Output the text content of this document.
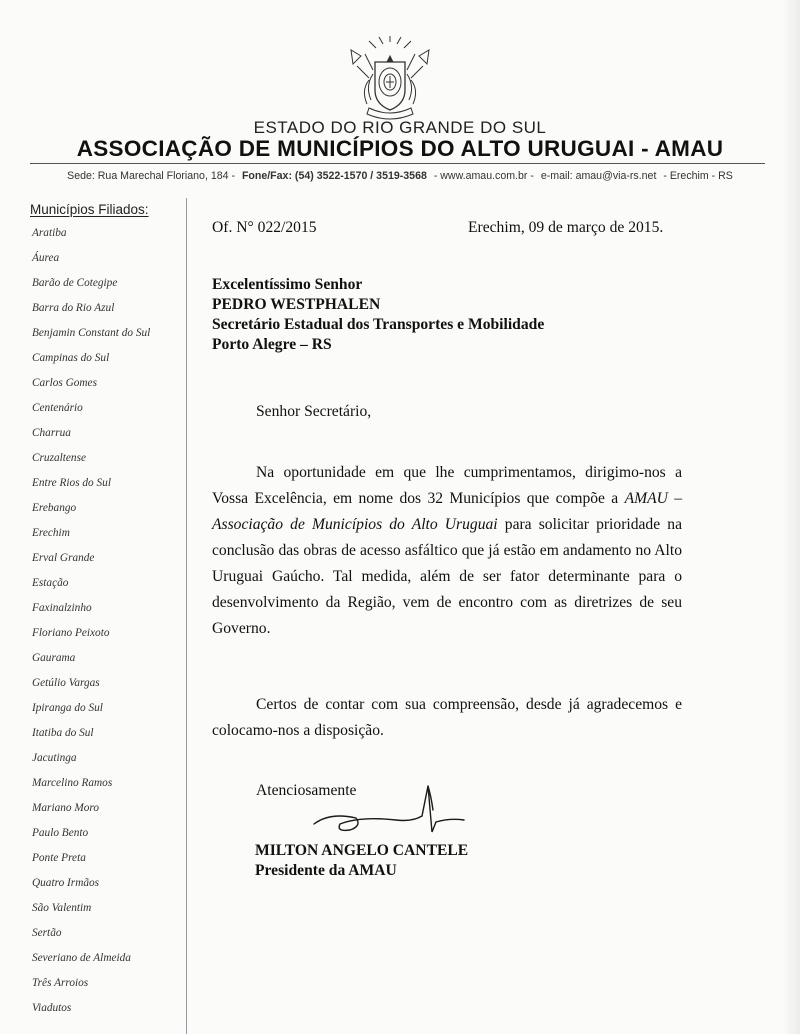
ESTADO DO RIO GRANDE DO SUL
ASSOCIAÇÃO DE MUNICÍPIOS DO ALTO URUGUAI - AMAU
Sede: Rua Marechal Floriano, 184 - Fone/Fax: (54) 3522-1570 / 3519-3568 - www.amau.com.br - e-mail: amau@via-rs.net - Erechim - RS
Municípios Filiados:
Aratiba
Áurea
Barão de Cotegipe
Barra do Rio Azul
Benjamin Constant do Sul
Campinas do Sul
Carlos Gomes
Centenário
Charrua
Cruzaltense
Entre Rios do Sul
Erebango
Erechim
Erval Grande
Estação
Faxinalzinho
Floriano Peixoto
Gaurama
Getúlio Vargas
Ipiranga do Sul
Itatiba do Sul
Jacutinga
Marcelino Ramos
Mariano Moro
Paulo Bento
Ponte Preta
Quatro Irmãos
São Valentim
Sertão
Severiano de Almeida
Três Arroios
Viadutos
Of. N° 022/2015	Erechim, 09 de março de 2015.
Excelentíssimo Senhor
PEDRO WESTPHALEN
Secretário Estadual dos Transportes e Mobilidade
Porto Alegre – RS
Senhor Secretário,

Na oportunidade em que lhe cumprimentamos, dirigimo-nos a Vossa Excelência, em nome dos 32 Municípios que compõe a AMAU – Associação de Municípios do Alto Uruguai para solicitar prioridade na conclusão das obras de acesso asfáltico que já estão em andamento no Alto Uruguai Gaúcho. Tal medida, além de ser fator determinante para o desenvolvimento da Região, vem de encontro com as diretrizes de seu Governo.

Certos de contar com sua compreensão, desde já agradecemos e colocamo-nos a disposição.

Atenciosamente
MILTON ANGELO CANTELE
Presidente da AMAU
